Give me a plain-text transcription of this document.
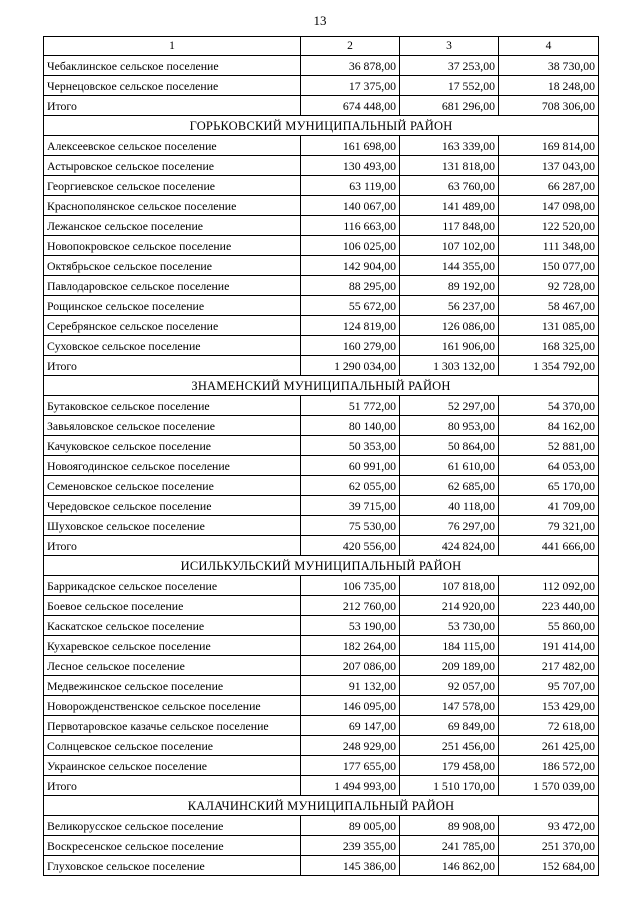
13
1	2	3	4
Чебаклинское сельское поселение	36 878,00	37 253,00	38 730,00
Чернецовское сельское поселение	17 375,00	17 552,00	18 248,00
Итого	674 448,00	681 296,00	708 306,00
ГОРЬКОВСКИЙ МУНИЦИПАЛЬНЫЙ РАЙОН			
Алексеевское сельское поселение	161 698,00	163 339,00	169 814,00
Астыровское сельское поселение	130 493,00	131 818,00	137 043,00
Георгиевское сельское поселение	63 119,00	63 760,00	66 287,00
Краснополянское сельское поселение	140 067,00	141 489,00	147 098,00
Лежанское сельское поселение	116 663,00	117 848,00	122 520,00
Новопокровское сельское поселение	106 025,00	107 102,00	111 348,00
Октябрьское сельское поселение	142 904,00	144 355,00	150 077,00
Павлодаровское сельское поселение	88 295,00	89 192,00	92 728,00
Рощинское сельское поселение	55 672,00	56 237,00	58 467,00
Серебрянское сельское поселение	124 819,00	126 086,00	131 085,00
Суховское сельское поселение	160 279,00	161 906,00	168 325,00
Итого	1 290 034,00	1 303 132,00	1 354 792,00
ЗНАМЕНСКИЙ МУНИЦИПАЛЬНЫЙ РАЙОН			
Бутаковское сельское поселение	51 772,00	52 297,00	54 370,00
Завьяловское сельское поселение	80 140,00	80 953,00	84 162,00
Качуковское сельское поселение	50 353,00	50 864,00	52 881,00
Новоягодинское сельское поселение	60 991,00	61 610,00	64 053,00
Семеновское сельское поселение	62 055,00	62 685,00	65 170,00
Чередовское сельское поселение	39 715,00	40 118,00	41 709,00
Шуховское сельское поселение	75 530,00	76 297,00	79 321,00
Итого	420 556,00	424 824,00	441 666,00
ИСИЛЬКУЛЬСКИЙ МУНИЦИПАЛЬНЫЙ РАЙОН			
Баррикадское сельское поселение	106 735,00	107 818,00	112 092,00
Боевое сельское поселение	212 760,00	214 920,00	223 440,00
Каскатское сельское поселение	53 190,00	53 730,00	55 860,00
Кухаревское сельское поселение	182 264,00	184 115,00	191 414,00
Лесное сельское поселение	207 086,00	209 189,00	217 482,00
Медвежинское сельское поселение	91 132,00	92 057,00	95 707,00
Новорожденственское сельское поселение	146 095,00	147 578,00	153 429,00
Первотаровское казачье сельское поселение	69 147,00	69 849,00	72 618,00
Солнцевское сельское поселение	248 929,00	251 456,00	261 425,00
Украинское сельское поселение	177 655,00	179 458,00	186 572,00
Итого	1 494 993,00	1 510 170,00	1 570 039,00
КАЛАЧИНСКИЙ МУНИЦИПАЛЬНЫЙ РАЙОН			
Великорусское сельское поселение	89 005,00	89 908,00	93 472,00
Воскресенское сельское поселение	239 355,00	241 785,00	251 370,00
Глуховское сельское поселение	145 386,00	146 862,00	152 684,00
